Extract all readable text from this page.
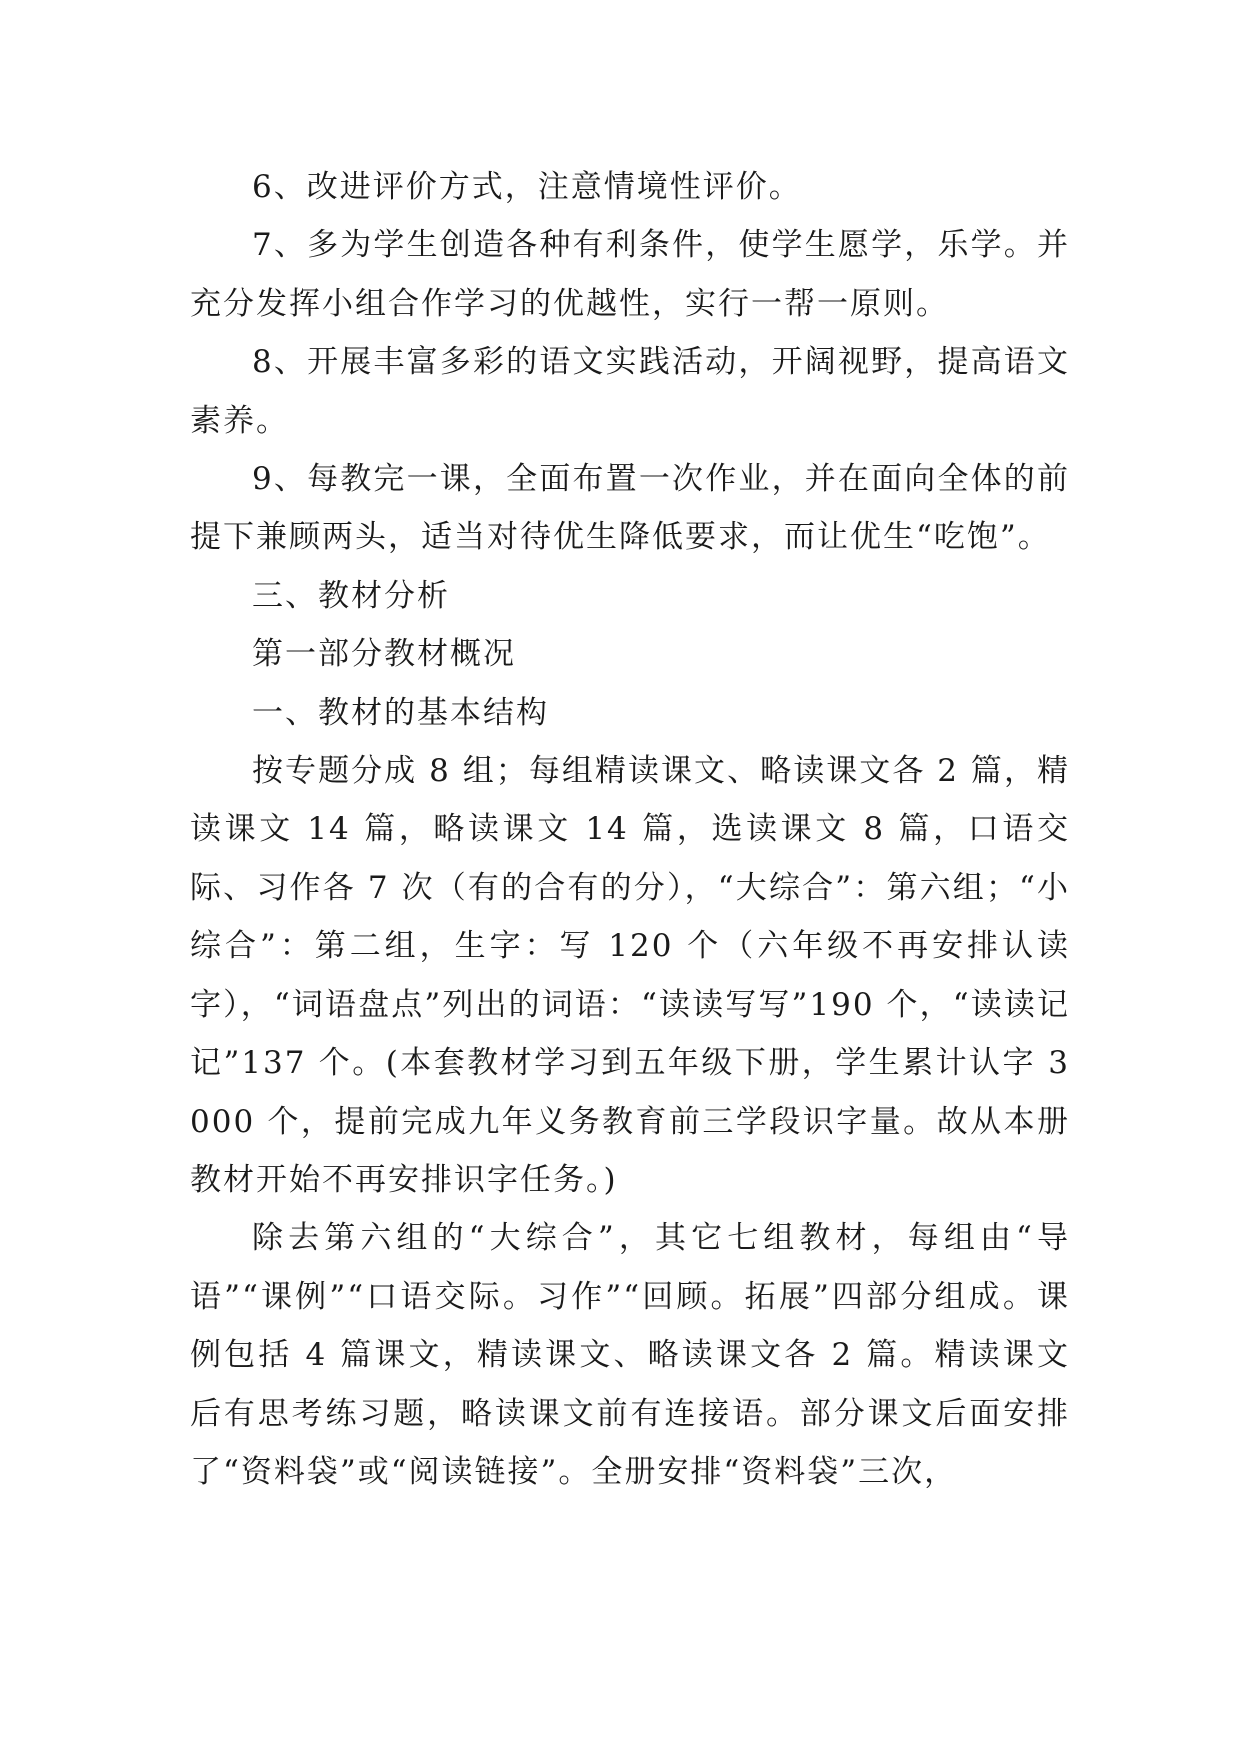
6、改进评价方式，注意情境性评价。

7、多为学生创造各种有利条件，使学生愿学，乐学。并充分发挥小组合作学习的优越性，实行一帮一原则。

8、开展丰富多彩的语文实践活动，开阔视野，提高语文素养。

9、每教完一课，全面布置一次作业，并在面向全体的前提下兼顾两头，适当对待优生降低要求，而让优生“吃饱”。

三、教材分析

第一部分教材概况

一、教材的基本结构

按专题分成 8 组；每组精读课文、略读课文各 2 篇，精读课文 14 篇，略读课文 14 篇，选读课文 8 篇，口语交际、习作各 7 次（有的合有的分），“大综合”：第六组；“小综合”：第二组，生字：写 120 个（六年级不再安排认读字），“词语盘点”列出的词语：“读读写写”190 个，“读读记记”137 个。(本套教材学习到五年级下册，学生累计认字 3000 个，提前完成九年义务教育前三学段识字量。故从本册教材开始不再安排识字任务。)

除去第六组的“大综合”，其它七组教材，每组由“导语”“课例”“口语交际。习作”“回顾。拓展”四部分组成。课例包括 4 篇课文，精读课文、略读课文各 2 篇。精读课文后有思考练习题，略读课文前有连接语。部分课文后面安排了“资料袋”或“阅读链接”。全册安排“资料袋”三次，
